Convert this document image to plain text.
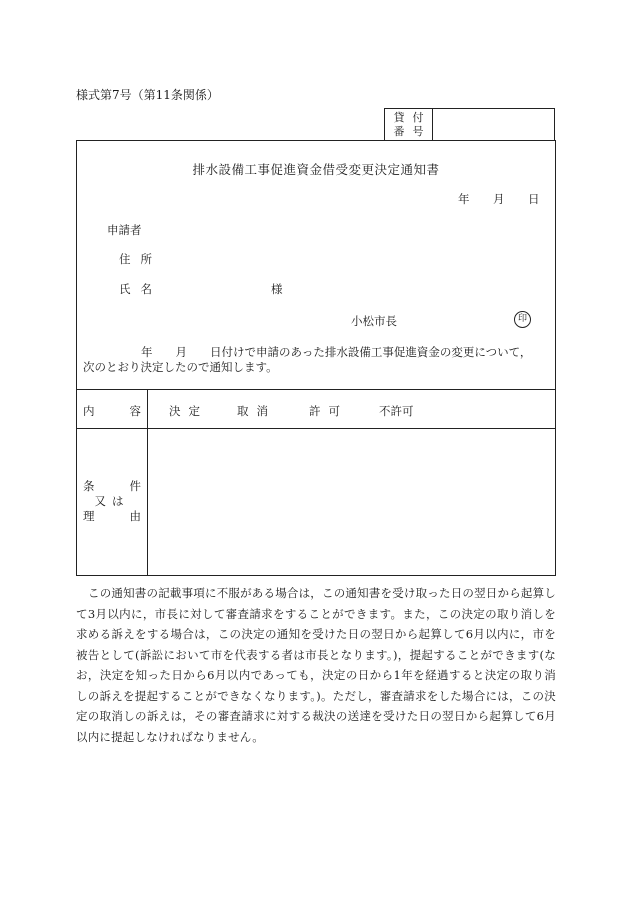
様式第7号（第11条関係）
貸付
番号
排水設備工事促進資金借受変更決定通知書
年 月 日
申請者
住所
氏名	様
小松市長	印
年　　月　　日付けで申請のあった排水設備工事促進資金の変更について，
次のとおり決定したので通知します。
内	容 決定	取消	許可	不許可
条	件
又は
理	由
この通知書の記載事項に不服がある場合は，この通知書を受け取った日の翌日から起算して3月以内に，市長に対して審査請求をすることができます。また，この決定の取り消しを求める訴えをする場合は，この決定の通知を受けた日の翌日から起算して6月以内に，市を被告として(訴訟において市を代表する者は市長となります。)，提起することができます(なお，決定を知った日から6月以内であっても，決定の日から1年を経過すると決定の取り消しの訴えを提起することができなくなります。)。ただし，審査請求をした場合には，この決定の取消しの訴えは，その審査請求に対する裁決の送達を受けた日の翌日から起算して6月以内に提起しなければなりません。
